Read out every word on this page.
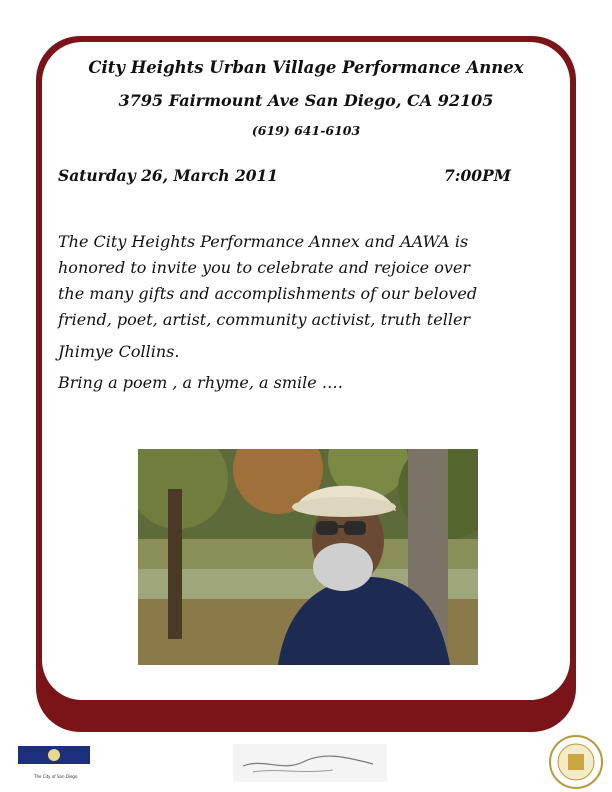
City Heights Urban Village Performance Annex
3795 Fairmount Ave San Diego, CA 92105
(619) 641-6103
Saturday 26, March 2011	7:00PM
The City Heights Performance Annex and AAWA is
honored to invite you to celebrate and rejoice over
the many gifts and accomplishments of our beloved
friend, poet, artist, community activist, truth teller
Jhimye Collins.
Bring a poem , a rhyme, a smile ….
The City of San Diego
